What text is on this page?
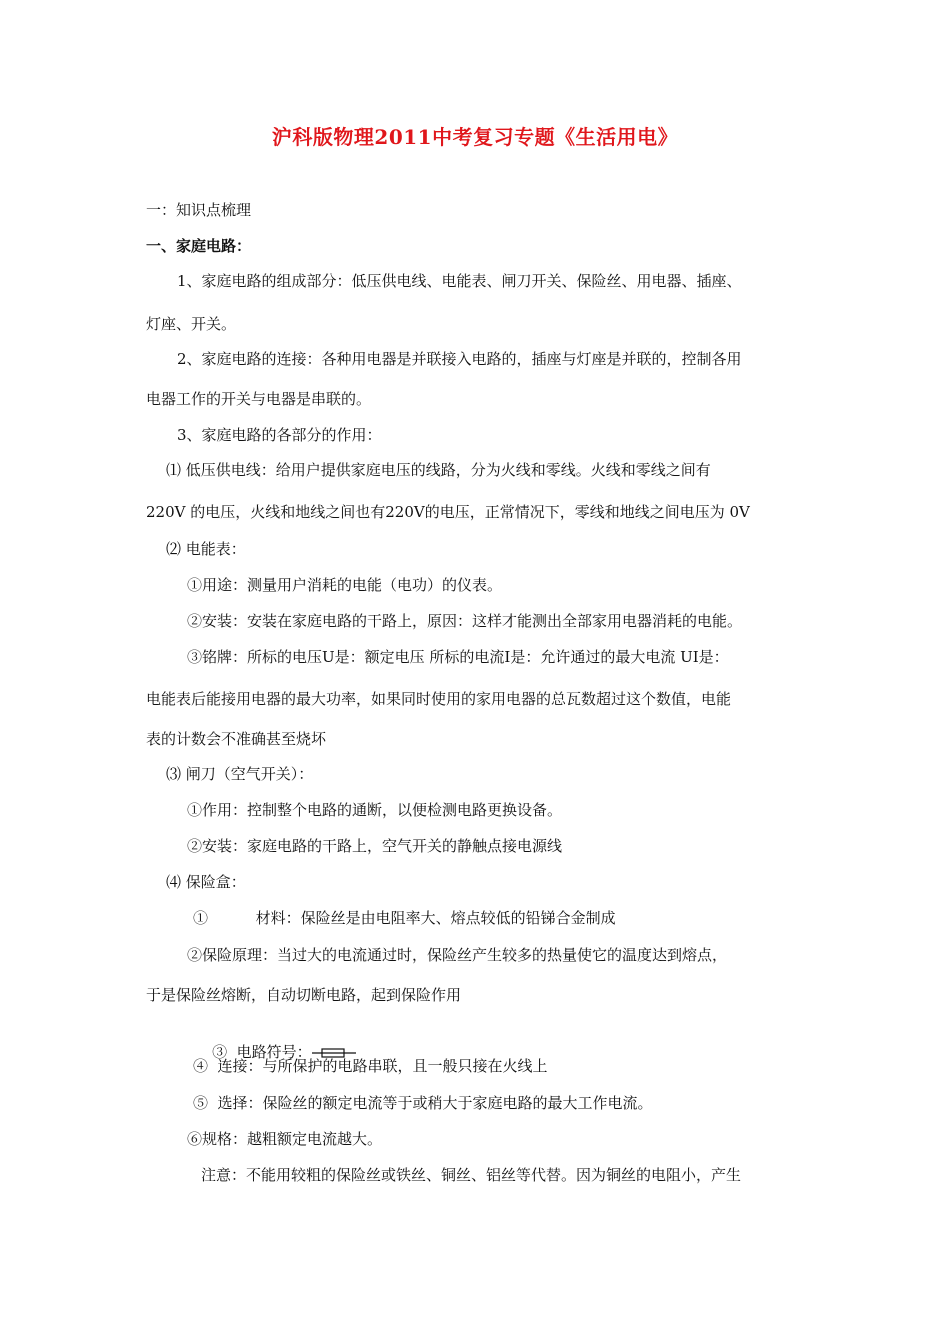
沪科版物理2011中考复习专题《生活用电》
一：知识点梳理
一、家庭电路：
1、家庭电路的组成部分：低压供电线、电能表、闸刀开关、保险丝、用电器、插座、
灯座、开关。
2、家庭电路的连接：各种用电器是并联接入电路的，插座与灯座是并联的，控制各用
电器工作的开关与电器是串联的。
3、家庭电路的各部分的作用：
⑴ 低压供电线：给用户提供家庭电压的线路，分为火线和零线。火线和零线之间有
220V 的电压，火线和地线之间也有220V的电压，正常情况下，零线和地线之间电压为 0V
⑵ 电能表：
①用途：测量用户消耗的电能（电功）的仪表。
②安装：安装在家庭电路的干路上，原因：这样才能测出全部家用电器消耗的电能。
③铭牌：所标的电压U是：额定电压 所标的电流I是：允许通过的最大电流 UI是：
电能表后能接用电器的最大功率，如果同时使用的家用电器的总瓦数超过这个数值，电能
表的计数会不准确甚至烧坏
⑶ 闸刀（空气开关）：
①作用：控制整个电路的通断，以便检测电路更换设备。
②安装：家庭电路的干路上，空气开关的静触点接电源线
⑷ 保险盒：
①          材料：保险丝是由电阻率大、熔点较低的铅锑合金制成
②保险原理：当过大的电流通过时，保险丝产生较多的热量使它的温度达到熔点，
于是保险丝熔断，自动切断电路，起到保险作用

③  电路符号：

④  连接：与所保护的电路串联，且一般只接在火线上
⑤  选择：保险丝的额定电流等于或稍大于家庭电路的最大工作电流。
⑥规格：越粗额定电流越大。
注意：不能用较粗的保险丝或铁丝、铜丝、铝丝等代替。因为铜丝的电阻小，产生
